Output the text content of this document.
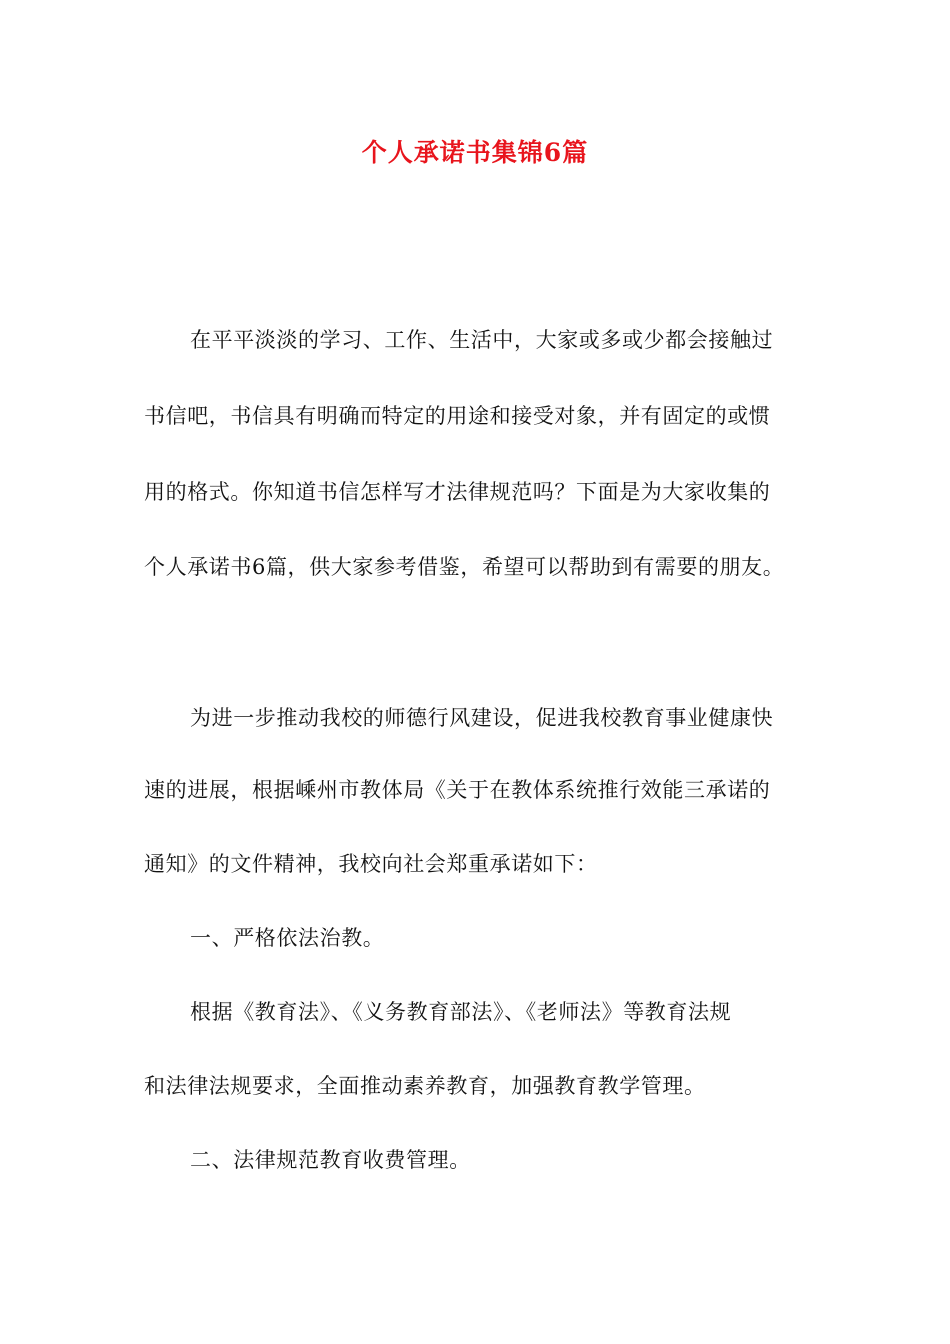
个人承诺书集锦6篇
在平平淡淡的学习、工作、生活中，大家或多或少都会接触过
书信吧，书信具有明确而特定的用途和接受对象，并有固定的或惯
用的格式。你知道书信怎样写才法律规范吗？下面是为大家收集的
个人承诺书6篇，供大家参考借鉴，希望可以帮助到有需要的朋友。
为进一步推动我校的师德行风建设，促进我校教育事业健康快
速的进展，根据嵊州市教体局《关于在教体系统推行效能三承诺的
通知》的文件精神，我校向社会郑重承诺如下：
一、严格依法治教。
根据《教育法》、《义务教育部法》、《老师法》等教育法规
和法律法规要求，全面推动素养教育，加强教育教学管理。
二、法律规范教育收费管理。
